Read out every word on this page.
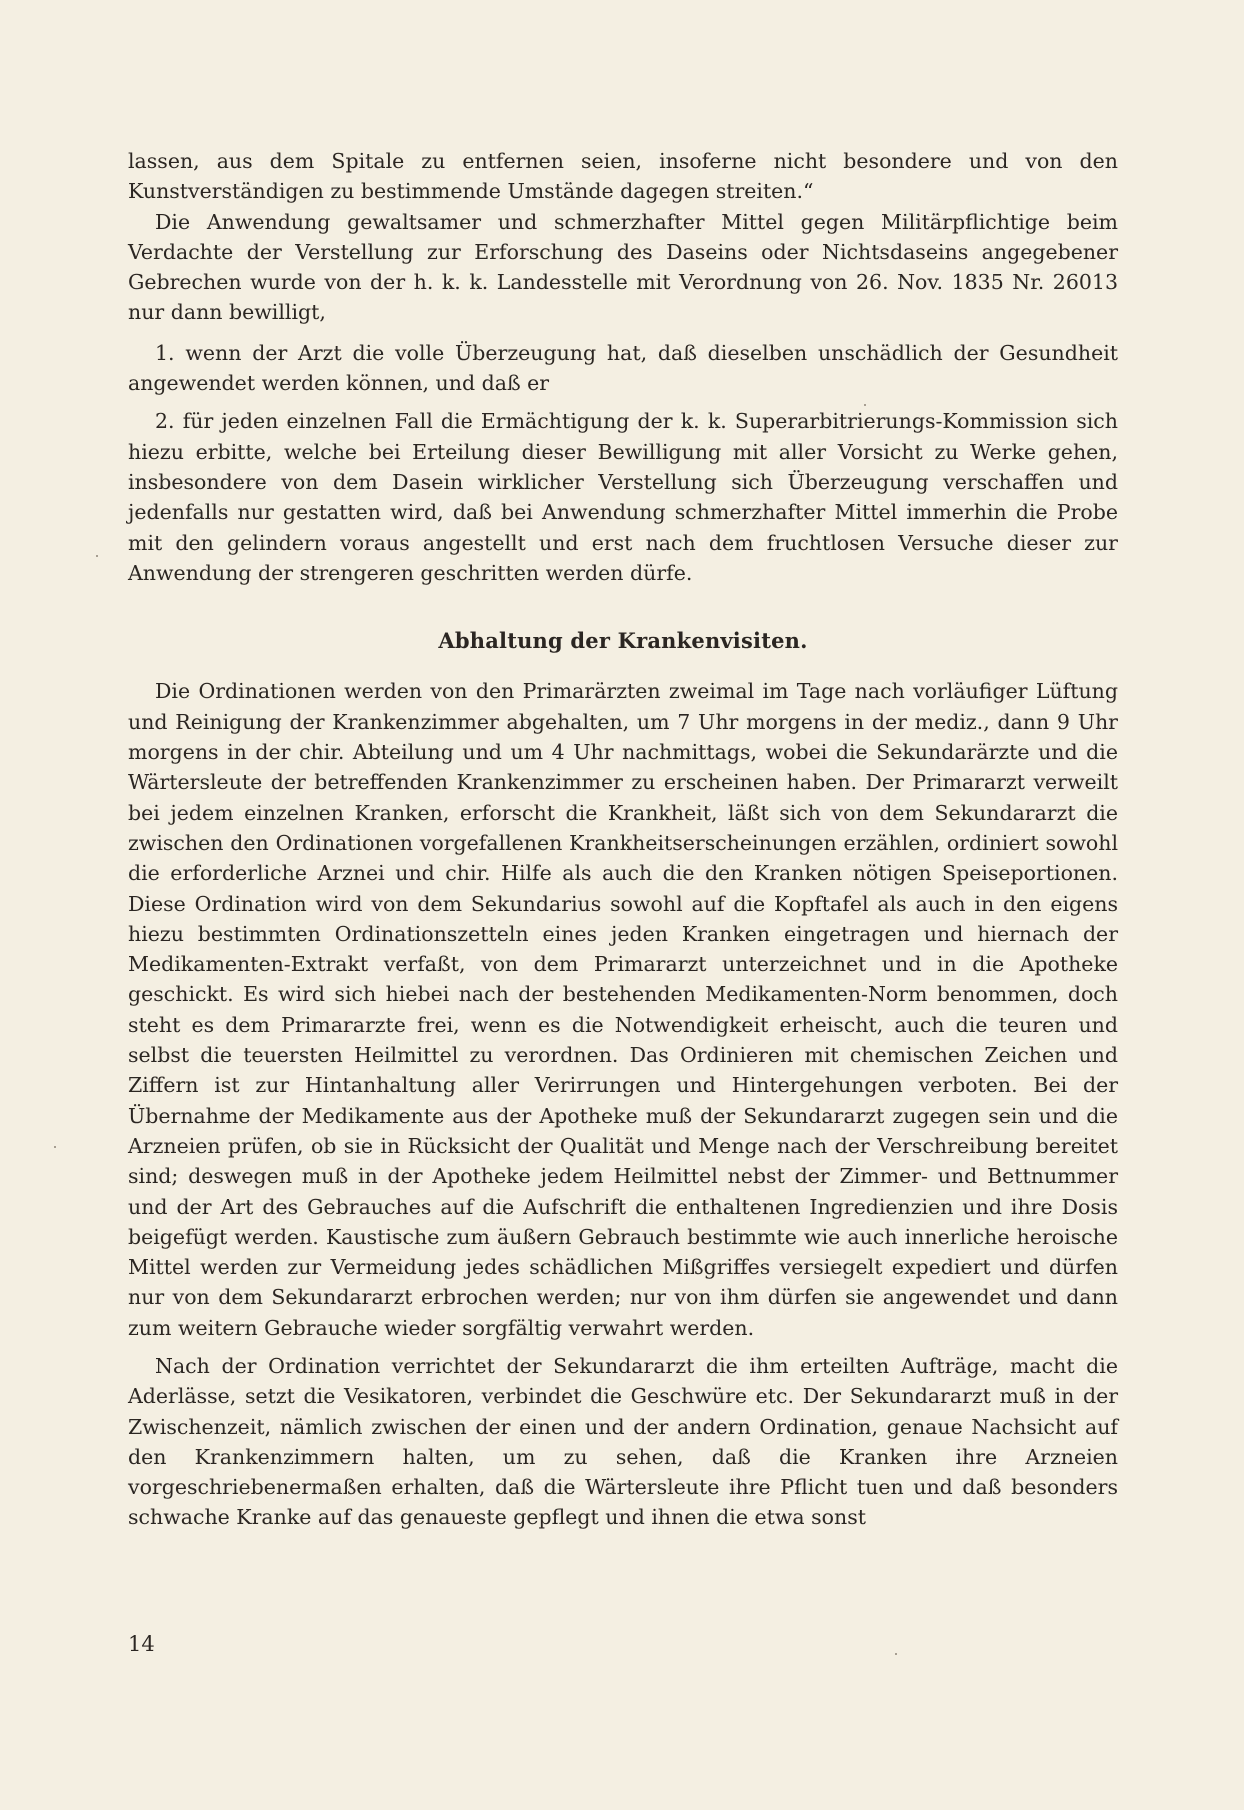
lassen, aus dem Spitale zu entfernen seien, insoferne nicht besondere und von den Kunstverständigen zu bestimmende Umstände dagegen streiten.“

Die Anwendung gewaltsamer und schmerzhafter Mittel gegen Militärpflichtige beim Verdachte der Verstellung zur Erforschung des Daseins oder Nichtsdaseins angegebener Gebrechen wurde von der h. k. k. Landesstelle mit Verordnung von 26. Nov. 1835 Nr. 26013 nur dann bewilligt,

1. wenn der Arzt die volle Überzeugung hat, daß dieselben unschädlich der Gesundheit angewendet werden können, und daß er

2. für jeden einzelnen Fall die Ermächtigung der k. k. Superarbitrierungs-Kommission sich hiezu erbitte, welche bei Erteilung dieser Bewilligung mit aller Vorsicht zu Werke gehen, insbesondere von dem Dasein wirklicher Verstellung sich Überzeugung verschaffen und jedenfalls nur gestatten wird, daß bei Anwendung schmerzhafter Mittel immerhin die Probe mit den gelindern voraus angestellt und erst nach dem fruchtlosen Versuche dieser zur Anwendung der strengeren geschritten werden dürfe.

Abhaltung der Krankenvisiten.

Die Ordinationen werden von den Primarärzten zweimal im Tage nach vorläufiger Lüftung und Reinigung der Krankenzimmer abgehalten, um 7 Uhr morgens in der mediz., dann 9 Uhr morgens in der chir. Abteilung und um 4 Uhr nachmittags, wobei die Sekundarärzte und die Wärtersleute der betreffenden Krankenzimmer zu erscheinen haben. Der Primararzt verweilt bei jedem einzelnen Kranken, erforscht die Krankheit, läßt sich von dem Sekundararzt die zwischen den Ordinationen vorgefallenen Krankheitserscheinungen erzählen, ordiniert sowohl die erforderliche Arznei und chir. Hilfe als auch die den Kranken nötigen Speiseportionen. Diese Ordination wird von dem Sekundarius sowohl auf die Kopftafel als auch in den eigens hiezu bestimmten Ordinationszetteln eines jeden Kranken eingetragen und hiernach der Medikamenten-Extrakt verfaßt, von dem Primararzt unterzeichnet und in die Apotheke geschickt. Es wird sich hiebei nach der bestehenden Medikamenten-Norm benommen, doch steht es dem Primararzte frei, wenn es die Notwendigkeit erheischt, auch die teuren und selbst die teuersten Heilmittel zu verordnen. Das Ordinieren mit chemischen Zeichen und Ziffern ist zur Hintanhaltung aller Verirrungen und Hintergehungen verboten. Bei der Übernahme der Medikamente aus der Apotheke muß der Sekundararzt zugegen sein und die Arzneien prüfen, ob sie in Rücksicht der Qualität und Menge nach der Verschreibung bereitet sind; deswegen muß in der Apotheke jedem Heilmittel nebst der Zimmer- und Bettnummer und der Art des Gebrauches auf die Aufschrift die enthaltenen Ingredienzien und ihre Dosis beigefügt werden. Kaustische zum äußern Gebrauch bestimmte wie auch innerliche heroische Mittel werden zur Vermeidung jedes schädlichen Mißgriffes versiegelt expediert und dürfen nur von dem Sekundararzt erbrochen werden; nur von ihm dürfen sie angewendet und dann zum weitern Gebrauche wieder sorgfältig verwahrt werden.

Nach der Ordination verrichtet der Sekundararzt die ihm erteilten Aufträge, macht die Aderlässe, setzt die Vesikatoren, verbindet die Geschwüre etc. Der Sekundararzt muß in der Zwischenzeit, nämlich zwischen der einen und der andern Ordination, genaue Nachsicht auf den Krankenzimmern halten, um zu sehen, daß die Kranken ihre Arzneien vorgeschriebenermaßen erhalten, daß die Wärtersleute ihre Pflicht tuen und daß besonders schwache Kranke auf das genaueste gepflegt und ihnen die etwa sonst

14
